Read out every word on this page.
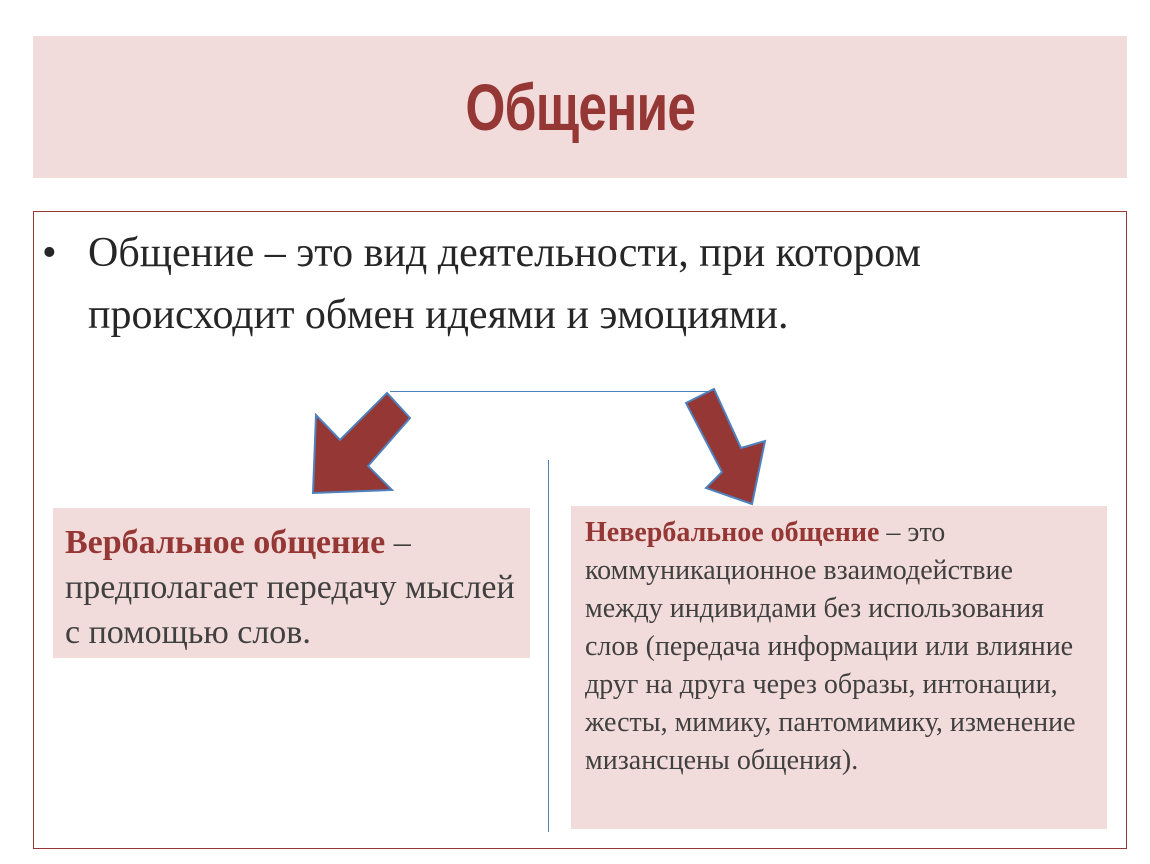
Общение
• Общение – это вид деятельности, при котором происходит обмен идеями и эмоциями.
Вербальное общение – предполагает передачу мыслей с помощью слов.
Невербальное общение – это коммуникационное взаимодействие между индивидами без использования слов (передача информации или влияние друг на друга через образы, интонации, жесты, мимику, пантомимику, изменение мизансцены общения).
